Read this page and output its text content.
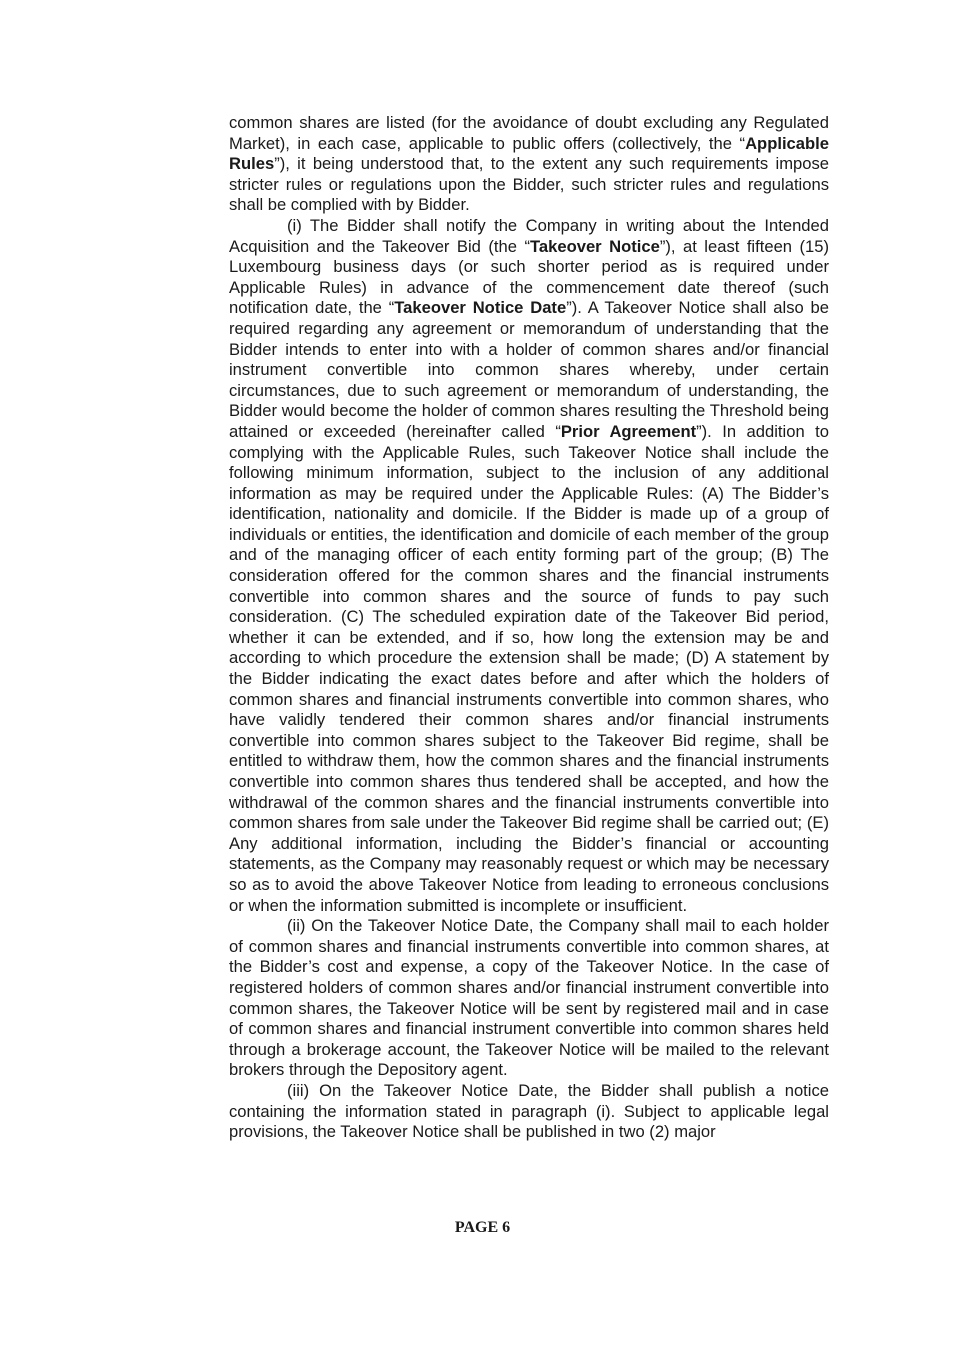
common shares are listed (for the avoidance of doubt excluding any Regulated Market), in each case, applicable to public offers (collectively, the “Applicable Rules”), it being understood that, to the extent any such requirements impose stricter rules or regulations upon the Bidder, such stricter rules and regulations shall be complied with by Bidder.

(i) The Bidder shall notify the Company in writing about the Intended Acquisition and the Takeover Bid (the “Takeover Notice”), at least fifteen (15) Luxembourg business days (or such shorter period as is required under Applicable Rules) in advance of the commencement date thereof (such notification date, the “Takeover Notice Date”). A Takeover Notice shall also be required regarding any agreement or memorandum of understanding that the Bidder intends to enter into with a holder of common shares and/or financial instrument convertible into common shares whereby, under certain circumstances, due to such agreement or memorandum of understanding, the Bidder would become the holder of common shares resulting the Threshold being attained or exceeded (hereinafter called “Prior Agreement”). In addition to complying with the Applicable Rules, such Takeover Notice shall include the following minimum information, subject to the inclusion of any additional information as may be required under the Applicable Rules: (A) The Bidder’s identification, nationality and domicile. If the Bidder is made up of a group of individuals or entities, the identification and domicile of each member of the group and of the managing officer of each entity forming part of the group; (B) The consideration offered for the common shares and the financial instruments convertible into common shares and the source of funds to pay such consideration. (C) The scheduled expiration date of the Takeover Bid period, whether it can be extended, and if so, how long the extension may be and according to which procedure the extension shall be made; (D) A statement by the Bidder indicating the exact dates before and after which the holders of common shares and financial instruments convertible into common shares, who have validly tendered their common shares and/or financial instruments convertible into common shares subject to the Takeover Bid regime, shall be entitled to withdraw them, how the common shares and the financial instruments convertible into common shares thus tendered shall be accepted, and how the withdrawal of the common shares and the financial instruments convertible into common shares from sale under the Takeover Bid regime shall be carried out; (E) Any additional information, including the Bidder’s financial or accounting statements, as the Company may reasonably request or which may be necessary so as to avoid the above Takeover Notice from leading to erroneous conclusions or when the information submitted is incomplete or insufficient.

(ii) On the Takeover Notice Date, the Company shall mail to each holder of common shares and financial instruments convertible into common shares, at the Bidder’s cost and expense, a copy of the Takeover Notice. In the case of registered holders of common shares and/or financial instrument convertible into common shares, the Takeover Notice will be sent by registered mail and in case of common shares and financial instrument convertible into common shares held through a brokerage account, the Takeover Notice will be mailed to the relevant brokers through the Depository agent.

(iii) On the Takeover Notice Date, the Bidder shall publish a notice containing the information stated in paragraph (i). Subject to applicable legal provisions, the Takeover Notice shall be published in two (2) major

PAGE 6
